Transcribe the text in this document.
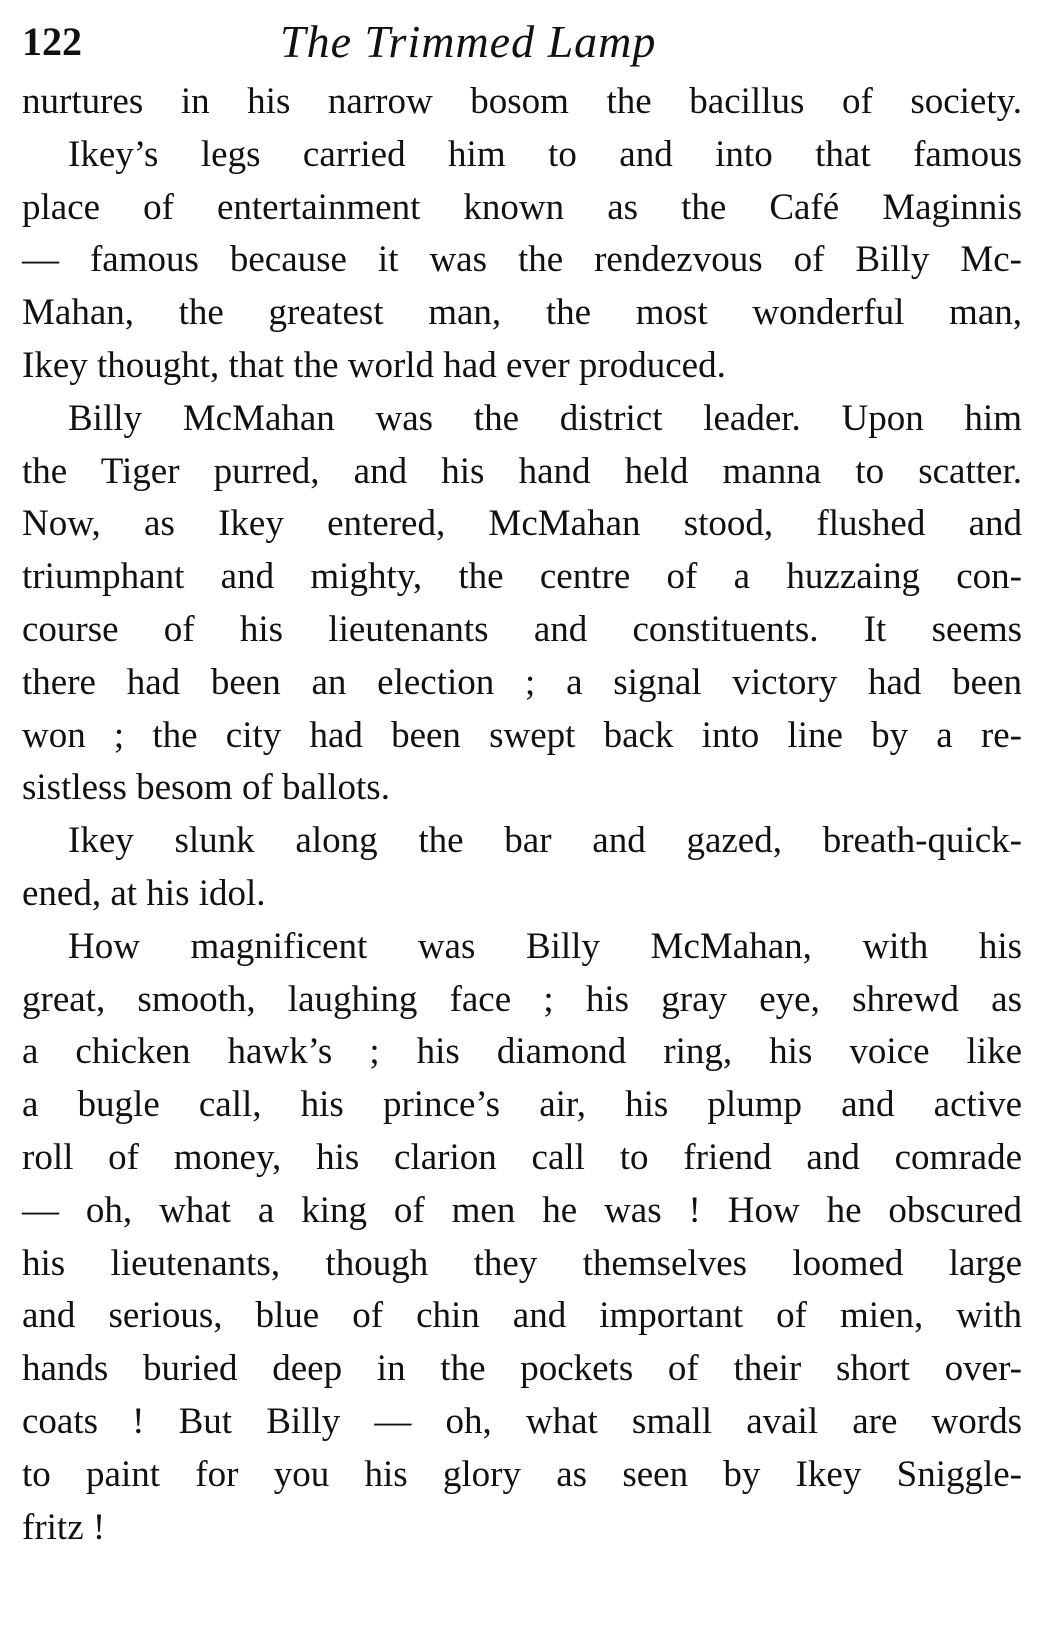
122	The Trimmed Lamp
nurtures in his narrow bosom the bacillus of society.
Ikey’s legs carried him to and into that famous
place of entertainment known as the Café Maginnis
— famous because it was the rendezvous of Billy Mc-
Mahan, the greatest man, the most wonderful man,
Ikey thought, that the world had ever produced.
Billy McMahan was the district leader. Upon him
the Tiger purred, and his hand held manna to scatter.
Now, as Ikey entered, McMahan stood, flushed and
triumphant and mighty, the centre of a huzzaing con-
course of his lieutenants and constituents. It seems
there had been an election ; a signal victory had been
won ; the city had been swept back into line by a re-
sistless besom of ballots.
Ikey slunk along the bar and gazed, breath-quick-
ened, at his idol.
How magnificent was Billy McMahan, with his
great, smooth, laughing face ; his gray eye, shrewd as
a chicken hawk’s ; his diamond ring, his voice like
a bugle call, his prince’s air, his plump and active
roll of money, his clarion call to friend and comrade
— oh, what a king of men he was ! How he obscured
his lieutenants, though they themselves loomed large
and serious, blue of chin and important of mien, with
hands buried deep in the pockets of their short over-
coats ! But Billy — oh, what small avail are words
to paint for you his glory as seen by Ikey Sniggle-
fritz !
